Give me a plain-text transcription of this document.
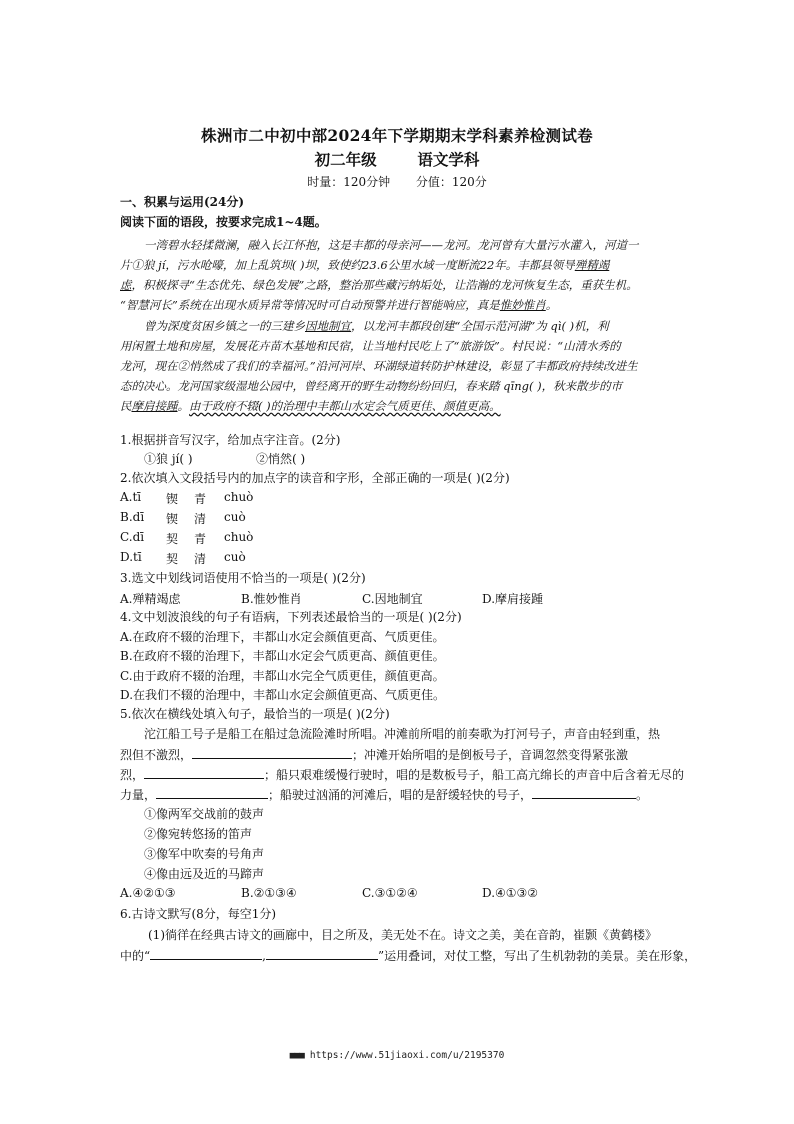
株洲市二中初中部2024年下学期期末学科素养检测试卷
初二年级	语文学科
时量：120分钟 分值：120分
一、积累与运用(24分)
阅读下面的语段，按要求完成1~4题。
一湾碧水轻揉微澜，融入长江怀抱，这是丰都的母亲河——龙河。龙河曾有大量污水灌入，河道一
片①狼 jí，污水呛嚎，加上乱筑坝( )坝，致使约23.6公里水域一度断流22年。丰都县领导殚精竭
虑，积极探寻“生态优先、绿色发展”之路，整治那些藏污纳垢处，让浩瀚的龙河恢复生态，重获生机。
“智慧河长”系统在出现水质异常等情况时可自动预警并进行智能响应，真是惟妙惟肖。
曾为深度贫困乡镇之一的三建乡因地制宜，以龙河丰都段创建“全国示范河湖”为 qì( )机，利
用闲置土地和房屋，发展花卉苗木基地和民宿，让当地村民吃上了“旅游饭”。村民说：“山清水秀的
龙河，现在②悄然成了我们的幸福河。”沿河河岸、环湖绿道转防护林建设，彰显了丰都政府持续改进生
态的决心。龙河国家级湿地公园中，曾经离开的野生动物纷纷回归，春来踏 qīng( )，秋来散步的市
民摩肩接踵。由于政府不辍( )的治理中丰都山水定会气质更佳、颜值更高。
1.根据拼音写汉字，给加点字注音。(2分)
①狼 jí( )	②悄然( )
2.依次填入文段括号内的加点字的读音和字形，全部正确的一项是( )(2分)
A.tī 锲 青 chuò
B.dī 锲 清 cuò
C.dī 契 青 chuò
D.tī 契 清 cuò
3.选文中划线词语使用不恰当的一项是( )(2分)
A.殚精竭虑	B.惟妙惟肖	C.因地制宜	D.摩肩接踵
4.文中划波浪线的句子有语病，下列表述最恰当的一项是( )(2分)
A.在政府不辍的治理下，丰都山水定会颜值更高、气质更佳。
B.在政府不辍的治理下，丰都山水定会气质更高、颜值更佳。
C.由于政府不辍的治理，丰都山水完全气质更佳，颜值更高。
D.在我们不辍的治理中，丰都山水定会颜值更高、气质更佳。
5.依次在横线处填入句子，最恰当的一项是( )(2分)
沱江船工号子是船工在船过急流险滩时所唱。冲滩前所唱的前奏歌为打河号子，声音由轻到重，热
烈但不激烈，	；冲滩开始所唱的是倒板号子，音调忽然变得紧张激
烈，	；船只艰难缓慢行驶时，唱的是数板号子，船工高亢绵长的声音中后含着无尽的
力量，	；船驶过汹涌的河滩后，唱的是舒缓轻快的号子，	。
①像两军交战前的鼓声
②像宛转悠扬的笛声
③像军中吹奏的号角声
④像由远及近的马蹄声
A.④②①③	B.②①③④	C.③①②④	D.④①③②
6.古诗文默写(8分，每空1分)
(1)徜徉在经典古诗文的画廊中，目之所及，美无处不在。诗文之美，美在音韵，崔颢《黄鹤楼》
中的“	,	”运用叠词，对仗工整，写出了生机勃勃的美景。美在形象，
■■■ https://www.51jiaoxi.com/u/2195370
